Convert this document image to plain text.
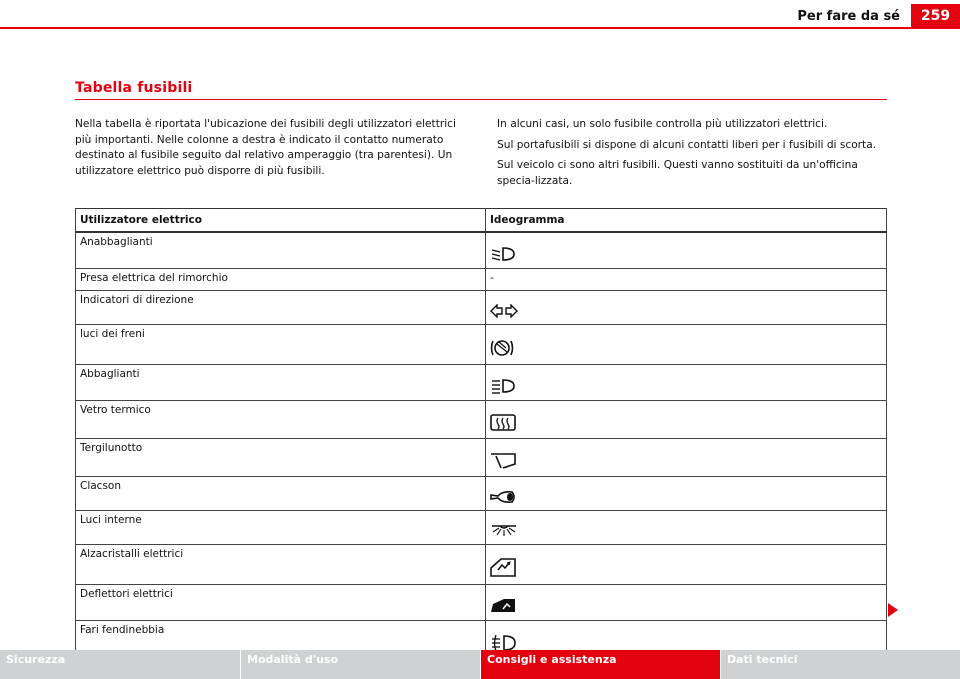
Per fare da sé	259
Tabella fusibili

Nella tabella è riportata l'ubicazione dei fusibili degli utilizzatori elettrici più importanti. Nelle colonne a destra è indicato il contatto numerato destinato al fusibile seguito dal relativo amperaggio (tra parentesi). Un utilizzatore elettrico può disporre di più fusibili.

In alcuni casi, un solo fusibile controlla più utilizzatori elettrici.

Sul portafusibili si dispone di alcuni contatti liberi per i fusibili di scorta.

Sul veicolo ci sono altri fusibili. Questi vanno sostituiti da un'officina specia-lizzata.

Utilizzatore elettrico	Ideogramma
Anabbaglianti	
Presa elettrica del rimorchio	-
Indicatori di direzione	
luci dei freni	
Abbaglianti	
Vetro termico	
Tergilunotto	
Clacson	
Luci interne	
Alzacristalli elettrici	
Deflettori elettrici	
Fari fendinebbia	
Sicurezza	Modalità d'uso	Consigli e assistenza	Dati tecnici
